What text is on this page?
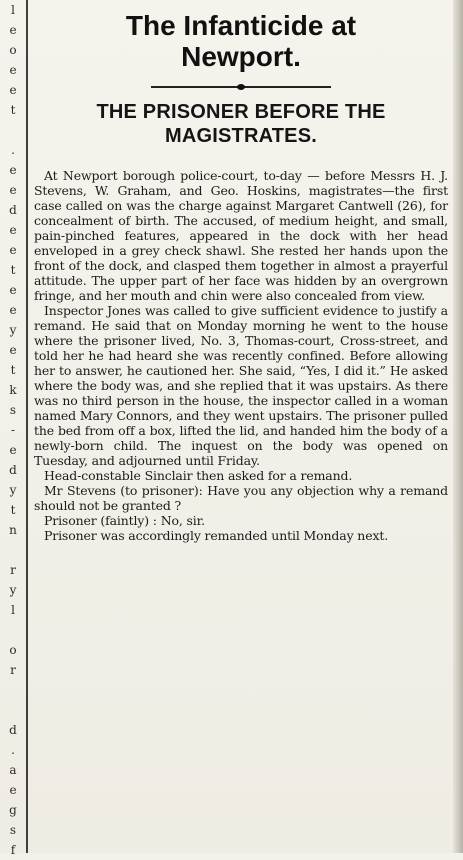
l
e
o
e
e
t
.
e
e
d
e
e
t
e
e
y
e
t
k
s
-
e
d
y
t
n
r
y
l
o
r
d
.
a
e
g
s
f
The Infanticide at
Newport.
THE PRISONER BEFORE THE
MAGISTRATES.

At Newport borough police-court, to-day — before Messrs H. J. Stevens, W. Graham, and Geo. Hoskins, magistrates—the first case called on was the charge against Margaret Cantwell (26), for concealment of birth. The accused, of medium height, and small, pain-pinched features, appeared in the dock with her head enveloped in a grey check shawl. She rested her hands upon the front of the dock, and clasped them together in almost a prayerful attitude. The upper part of her face was hidden by an overgrown fringe, and her mouth and chin were also concealed from view.

Inspector Jones was called to give sufficient evidence to justify a remand. He said that on Monday morning he went to the house where the prisoner lived, No. 3, Thomas-court, Cross-street, and told her he had heard she was recently confined. Before allowing her to answer, he cautioned her. She said, “Yes, I did it.” He asked where the body was, and she replied that it was upstairs. As there was no third person in the house, the inspector called in a woman named Mary Connors, and they went upstairs. The prisoner pulled the bed from off a box, lifted the lid, and handed him the body of a newly-born child. The inquest on the body was opened on Tuesday, and adjourned until Friday.

Head-constable Sinclair then asked for a remand.

Mr Stevens (to prisoner): Have you any objection why a remand should not be granted ?

Prisoner (faintly) : No, sir.

Prisoner was accordingly remanded until Monday next.
